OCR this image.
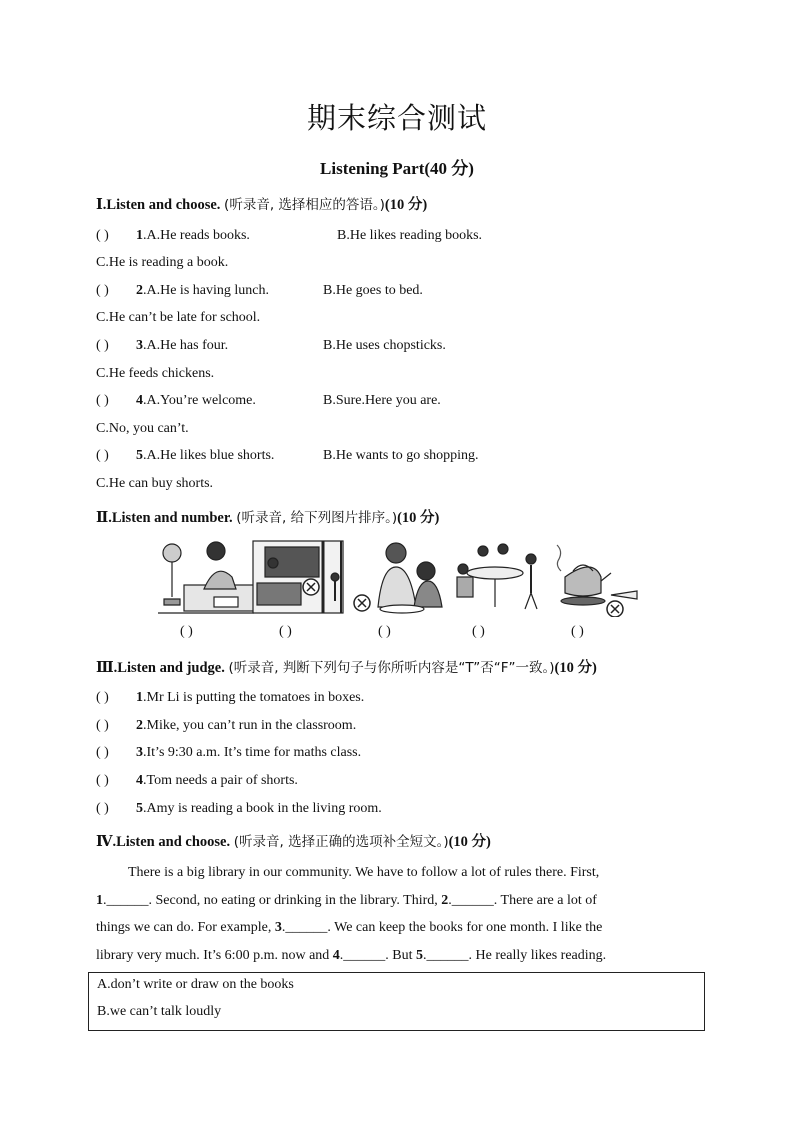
期末综合测试
Listening Part(40 分)
Ⅰ.Listen and choose. (听录音, 选择相应的答语。)(10 分)
( ) 1.A.He reads books.	B.He likes reading books.
C.He is reading a book.
( ) 2.A.He is having lunch.	B.He goes to bed.
C.He can’t be late for school.
( ) 3.A.He has four.	B.He uses chopsticks.
C.He feeds chickens.
( ) 4.A.You’re welcome.	B.Sure.Here you are.
C.No, you can’t.
( ) 5.A.He likes blue shorts.	B.He wants to go shopping.
C.He can buy shorts.
Ⅱ.Listen and number. (听录音, 给下列图片排序。)(10 分)
( )	( )	( )	( )	( )
Ⅲ.Listen and judge. (听录音, 判断下列句子与你所听内容是“T”否“F”一致。)(10 分)
( ) 1.Mr Li is putting the tomatoes in boxes.
( ) 2.Mike, you can’t run in the classroom.
( ) 3.It’s 9:30 a.m. It’s time for maths class.
( ) 4.Tom needs a pair of shorts.
( ) 5.Amy is reading a book in the living room.
Ⅳ.Listen and choose. (听录音, 选择正确的选项补全短文。)(10 分)
There is a big library in our community. We have to follow a lot of rules there. First,
1.______. Second, no eating or drinking in the library. Third, 2.______. There are a lot of
things we can do. For example, 3.______. We can keep the books for one month. I like the
library very much. It’s 6:00 p.m. now and 4.______. But 5.______. He really likes reading.
A.don’t write or draw on the books
B.we can’t talk loudly
